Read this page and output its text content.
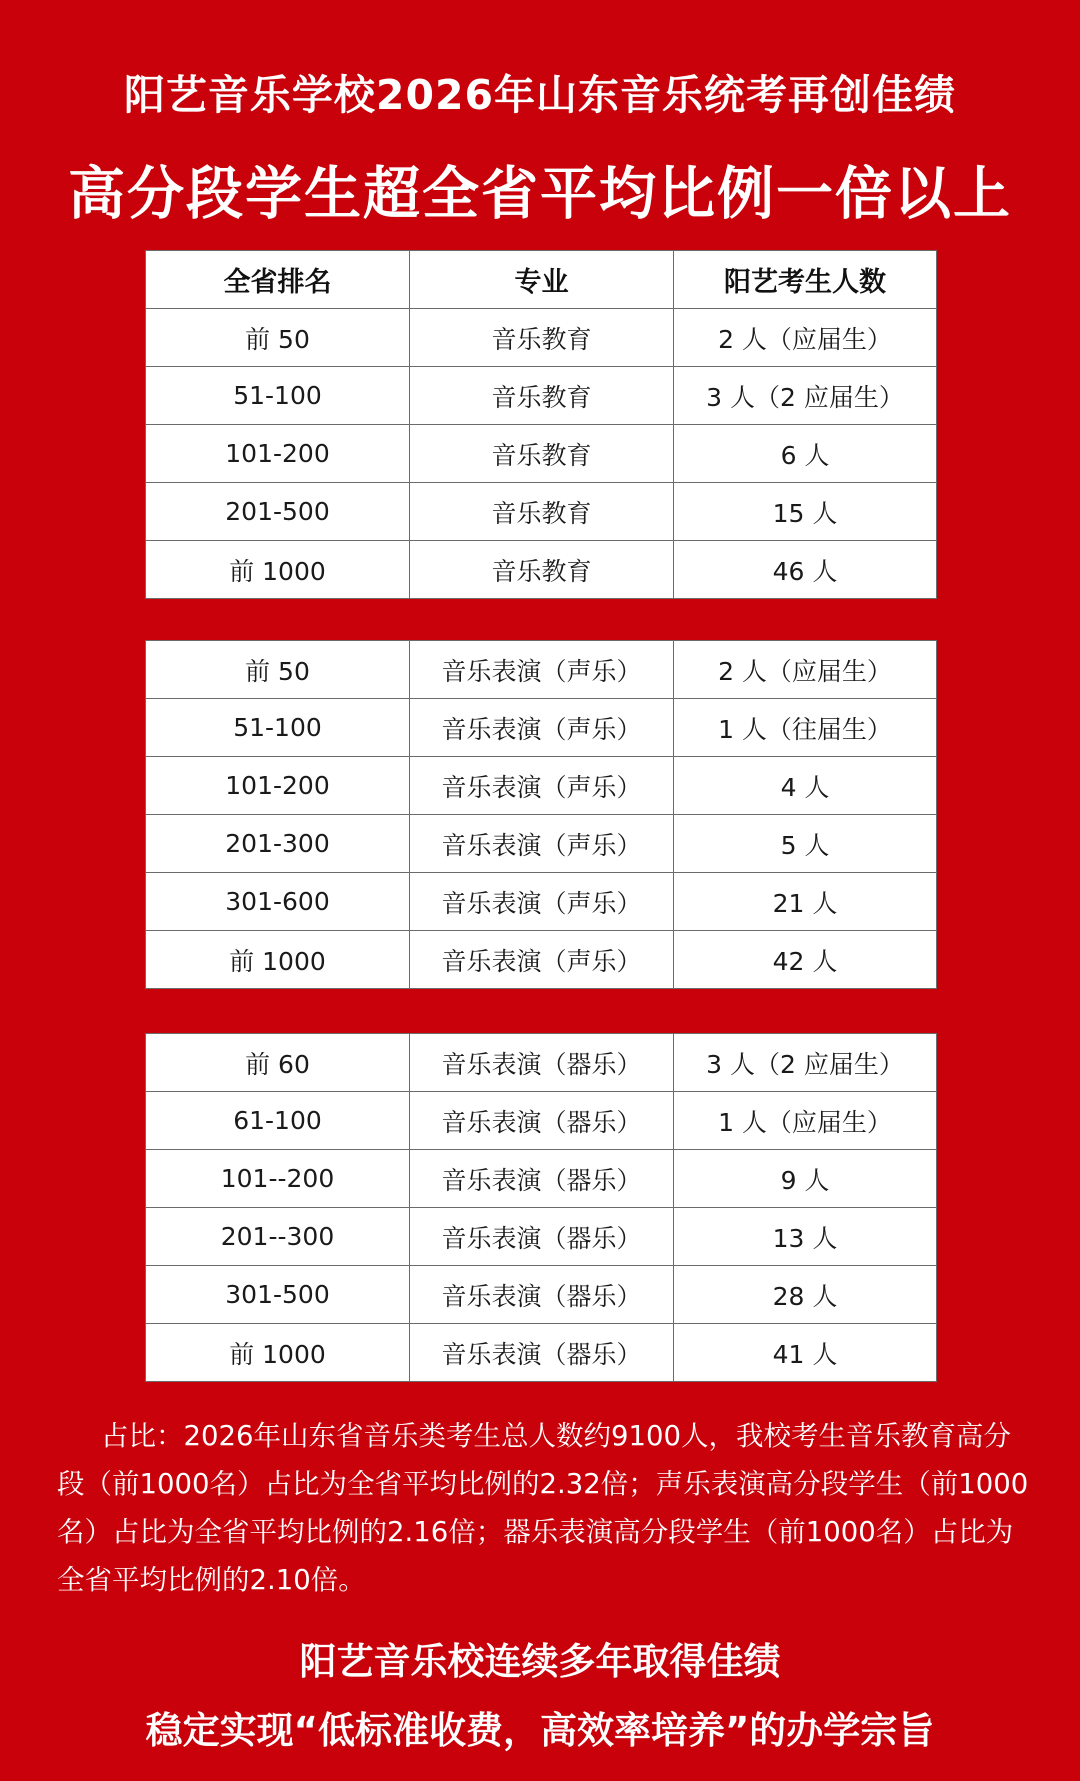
阳艺音乐学校2026年山东音乐统考再创佳绩
高分段学生超全省平均比例一倍以上
全省排名	专业	阳艺考生人数
前 50	音乐教育	2 人（应届生）
51-100	音乐教育	3 人（2 应届生）
101-200	音乐教育	6 人
201-500	音乐教育	15 人
前 1000	音乐教育	46 人
前 50	音乐表演（声乐）	2 人（应届生）
51-100	音乐表演（声乐）	1 人（往届生）
101-200	音乐表演（声乐）	4 人
201-300	音乐表演（声乐）	5 人
301-600	音乐表演（声乐）	21 人
前 1000	音乐表演（声乐）	42 人
前 60	音乐表演（器乐）	3 人（2 应届生）
61-100	音乐表演（器乐）	1 人（应届生）
101--200	音乐表演（器乐）	9 人
201--300	音乐表演（器乐）	13 人
301-500	音乐表演（器乐）	28 人
前 1000	音乐表演（器乐）	41 人
占比：2026年山东省音乐类考生总人数约9100人，我校考生音乐教育高分段（前1000名）占比为全省平均比例的2.32倍；声乐表演高分段学生（前1000名）占比为全省平均比例的2.16倍；器乐表演高分段学生（前1000名）占比为全省平均比例的2.10倍。
阳艺音乐校连续多年取得佳绩
稳定实现“低标准收费，高效率培养”的办学宗旨
